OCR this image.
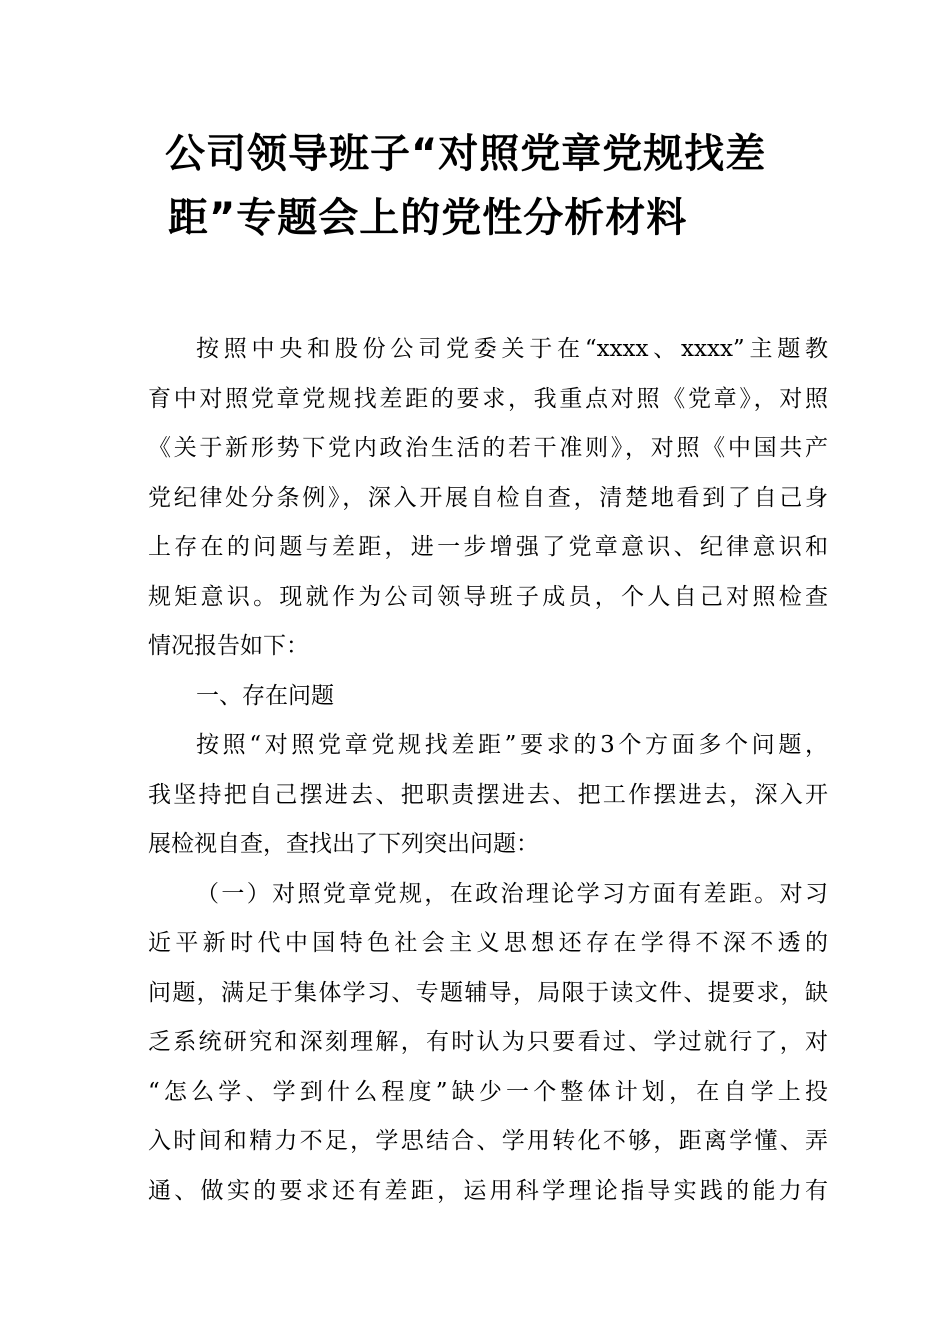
公司领导班子“对照党章党规找差
距”专题会上的党性分析材料
按照中央和股份公司党委关于在“xxxx、xxxx”主题教
育中对照党章党规找差距的要求，我重点对照《党章》，对照
《关于新形势下党内政治生活的若干准则》，对照《中国共产
党纪律处分条例》，深入开展自检自查，清楚地看到了自己身
上存在的问题与差距，进一步增强了党章意识、纪律意识和
规矩意识。现就作为公司领导班子成员，个人自己对照检查
情况报告如下：
一、存在问题
按照“对照党章党规找差距”要求的3个方面多个问题，
我坚持把自己摆进去、把职责摆进去、把工作摆进去，深入开
展检视自查，查找出了下列突出问题：
（一）对照党章党规，在政治理论学习方面有差距。对习
近平新时代中国特色社会主义思想还存在学得不深不透的
问题，满足于集体学习、专题辅导，局限于读文件、提要求，缺
乏系统研究和深刻理解，有时认为只要看过、学过就行了，对
“怎么学、学到什么程度”缺少一个整体计划，在自学上投
入时间和精力不足，学思结合、学用转化不够，距离学懂、弄
通、做实的要求还有差距，运用科学理论指导实践的能力有
